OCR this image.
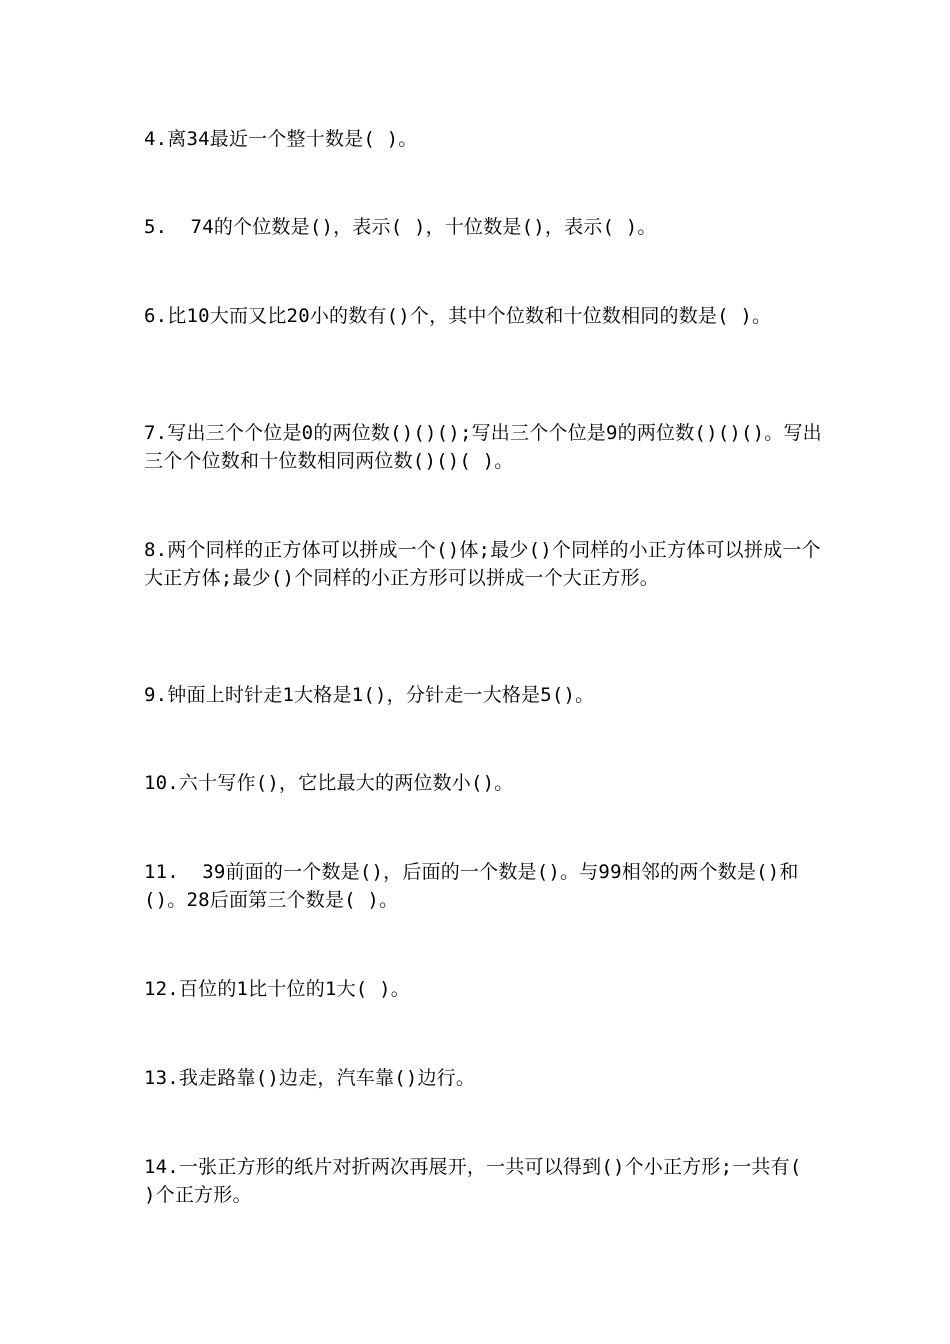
4.离34最近一个整十数是( )。
5.  74的个位数是()，表示( )，十位数是()，表示( )。
6.比10大而又比20小的数有()个，其中个位数和十位数相同的数是( )。
7.写出三个个位是0的两位数()()();写出三个个位是9的两位数()()()。写出三个个位数和十位数相同两位数()()( )。
8.两个同样的正方体可以拼成一个()体;最少()个同样的小正方体可以拼成一个大正方体;最少()个同样的小正方形可以拼成一个大正方形。
9.钟面上时针走1大格是1()，分针走一大格是5()。
10.六十写作()，它比最大的两位数小()。
11.  39前面的一个数是()，后面的一个数是()。与99相邻的两个数是()和()。28后面第三个数是( )。
12.百位的1比十位的1大( )。
13.我走路靠()边走，汽车靠()边行。
14.一张正方形的纸片对折两次再展开，一共可以得到()个小正方形;一共有( )个正方形。
